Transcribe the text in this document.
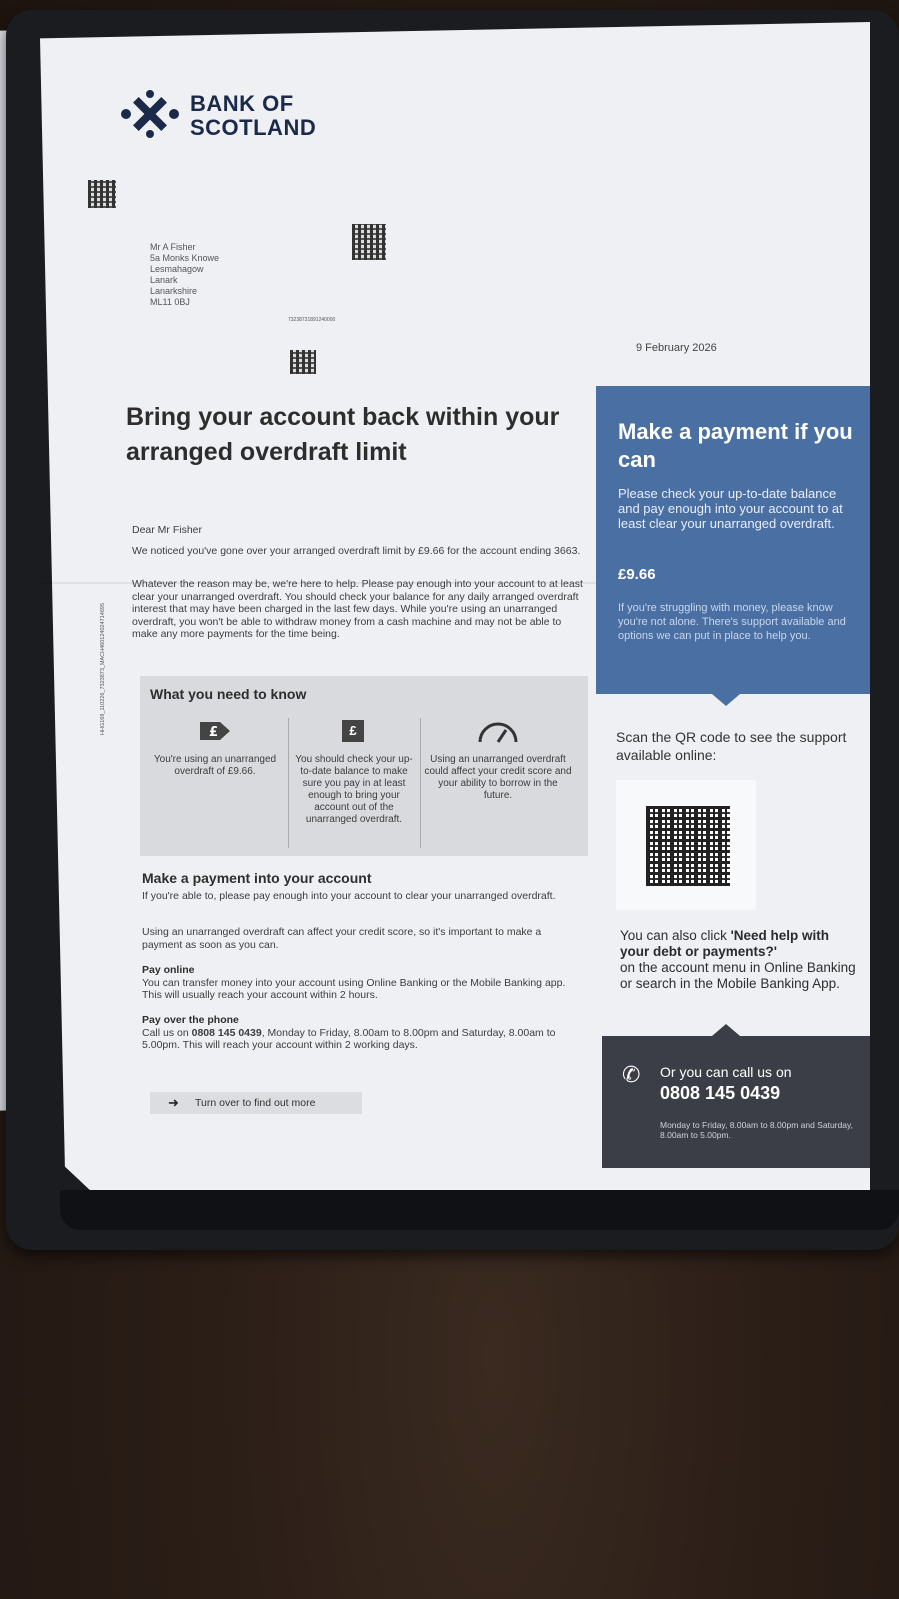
BANK OF
SCOTLAND
Mr A Fisher
5a Monks Knowe
Lesmahagow
Lanark
Lanarkshire
ML11 0BJ
73238731891240000
9 February 2026
Bring your account back within your arranged overdraft limit
HHG169_110226_7323873_MACH460124024714695
Dear Mr Fisher
We noticed you've gone over your arranged overdraft limit by £9.66 for the account ending 3663.
Whatever the reason may be, we're here to help. Please pay enough into your account to at least clear your unarranged overdraft. You should check your balance for any daily arranged overdraft interest that may have been charged in the last few days. While you're using an unarranged overdraft, you won't be able to withdraw money from a cash machine and may not be able to make any more payments for the time being.
What you need to know
£
You're using an unarranged overdraft of £9.66.
£
You should check your up-to-date balance to make sure you pay in at least enough to bring your account out of the unarranged overdraft.
Using an unarranged overdraft could affect your credit score and your ability to borrow in the future.
Make a payment into your account
If you're able to, please pay enough into your account to clear your unarranged overdraft.
Using an unarranged overdraft can affect your credit score, so it's important to make a payment as soon as you can.
Pay online
You can transfer money into your account using Online Banking or the Mobile Banking app. This will usually reach your account within 2 hours.
Pay over the phone
Call us on 0808 145 0439, Monday to Friday, 8.00am to 8.00pm and Saturday, 8.00am to 5.00pm. This will reach your account within 2 working days.
➜ Turn over to find out more
Make a payment if you can
Please check your up-to-date balance and pay enough into your account to at least clear your unarranged overdraft.
£9.66
If you're struggling with money, please know you're not alone. There's support available and options we can put in place to help you.
Scan the QR code to see the support available online:
You can also click 'Need help with your debt or payments?'
on the account menu in Online Banking or search in the Mobile Banking App.
✆ Or you can call us on
0808 145 0439
Monday to Friday, 8.00am to 8.00pm and Saturday, 8.00am to 5.00pm.
